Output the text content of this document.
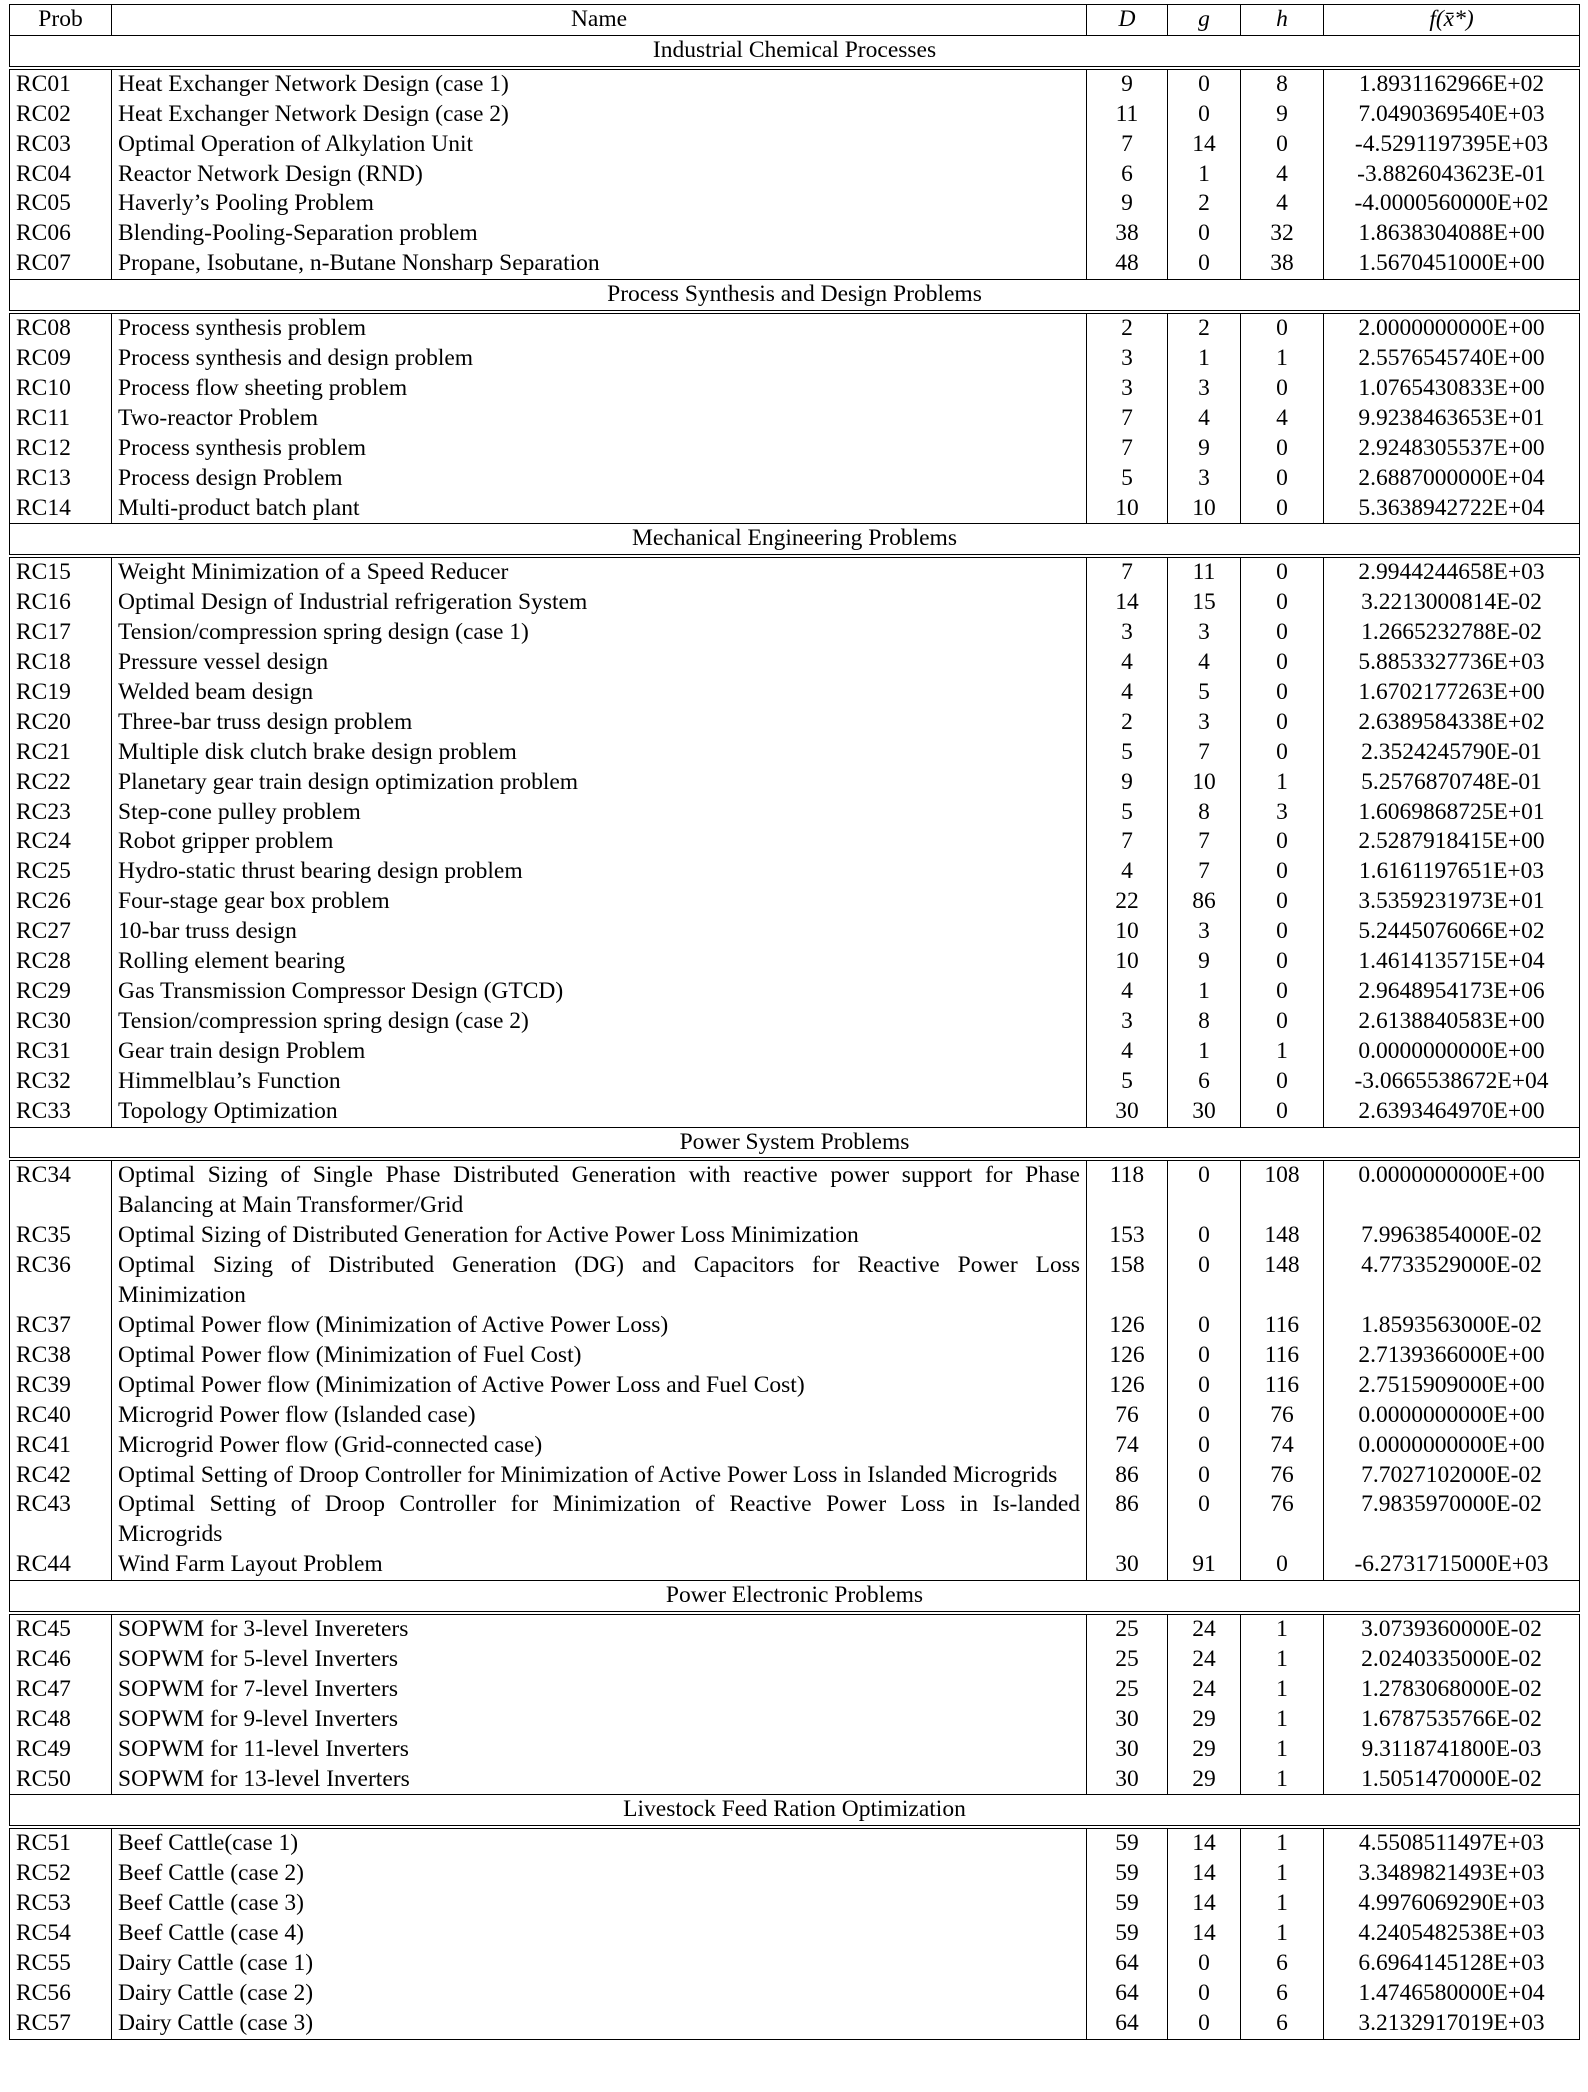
Prob	Name	D	g	h	f(x̄*)
Industrial Chemical Processes					
RC01	Heat Exchanger Network Design (case 1)	9	0	8	1.8931162966E+02
RC02	Heat Exchanger Network Design (case 2)	11	0	9	7.0490369540E+03
RC03	Optimal Operation of Alkylation Unit	7	14	0	-4.5291197395E+03
RC04	Reactor Network Design (RND)	6	1	4	-3.8826043623E-01
RC05	Haverly’s Pooling Problem	9	2	4	-4.0000560000E+02
RC06	Blending-Pooling-Separation problem	38	0	32	1.8638304088E+00
RC07	Propane, Isobutane, n-Butane Nonsharp Separation	48	0	38	1.5670451000E+00
Process Synthesis and Design Problems					
RC08	Process synthesis problem	2	2	0	2.0000000000E+00
RC09	Process synthesis and design problem	3	1	1	2.5576545740E+00
RC10	Process flow sheeting problem	3	3	0	1.0765430833E+00
RC11	Two-reactor Problem	7	4	4	9.9238463653E+01
RC12	Process synthesis problem	7	9	0	2.9248305537E+00
RC13	Process design Problem	5	3	0	2.6887000000E+04
RC14	Multi-product batch plant	10	10	0	5.3638942722E+04
Mechanical Engineering Problems					
RC15	Weight Minimization of a Speed Reducer	7	11	0	2.9944244658E+03
RC16	Optimal Design of Industrial refrigeration System	14	15	0	3.2213000814E-02
RC17	Tension/compression spring design (case 1)	3	3	0	1.2665232788E-02
RC18	Pressure vessel design	4	4	0	5.8853327736E+03
RC19	Welded beam design	4	5	0	1.6702177263E+00
RC20	Three-bar truss design problem	2	3	0	2.6389584338E+02
RC21	Multiple disk clutch brake design problem	5	7	0	2.3524245790E-01
RC22	Planetary gear train design optimization problem	9	10	1	5.2576870748E-01
RC23	Step-cone pulley problem	5	8	3	1.6069868725E+01
RC24	Robot gripper problem	7	7	0	2.5287918415E+00
RC25	Hydro-static thrust bearing design problem	4	7	0	1.6161197651E+03
RC26	Four-stage gear box problem	22	86	0	3.5359231973E+01
RC27	10-bar truss design	10	3	0	5.2445076066E+02
RC28	Rolling element bearing	10	9	0	1.4614135715E+04
RC29	Gas Transmission Compressor Design (GTCD)	4	1	0	2.9648954173E+06
RC30	Tension/compression spring design (case 2)	3	8	0	2.6138840583E+00
RC31	Gear train design Problem	4	1	1	0.0000000000E+00
RC32	Himmelblau’s Function	5	6	0	-3.0665538672E+04
RC33	Topology Optimization	30	30	0	2.6393464970E+00
Power System Problems					
RC34	Optimal Sizing of Single Phase Distributed Generation with reactive power support for Phase Balancing at Main Transformer/Grid	118	0	108	0.0000000000E+00
RC35	Optimal Sizing of Distributed Generation for Active Power Loss Minimization	153	0	148	7.9963854000E-02
RC36	Optimal Sizing of Distributed Generation (DG) and Capacitors for Reactive Power Loss Minimization	158	0	148	4.7733529000E-02
RC37	Optimal Power flow (Minimization of Active Power Loss)	126	0	116	1.8593563000E-02
RC38	Optimal Power flow (Minimization of Fuel Cost)	126	0	116	2.7139366000E+00
RC39	Optimal Power flow (Minimization of Active Power Loss and Fuel Cost)	126	0	116	2.7515909000E+00
RC40	Microgrid Power flow (Islanded case)	76	0	76	0.0000000000E+00
RC41	Microgrid Power flow (Grid-connected case)	74	0	74	0.0000000000E+00
RC42	Optimal Setting of Droop Controller for Minimization of Active Power Loss in Islanded Microgrids	86	0	76	7.7027102000E-02
RC43	Optimal Setting of Droop Controller for Minimization of Reactive Power Loss in Is-landed Microgrids	86	0	76	7.9835970000E-02
RC44	Wind Farm Layout Problem	30	91	0	-6.2731715000E+03
Power Electronic Problems					
RC45	SOPWM for 3-level Invereters	25	24	1	3.0739360000E-02
RC46	SOPWM for 5-level Inverters	25	24	1	2.0240335000E-02
RC47	SOPWM for 7-level Inverters	25	24	1	1.2783068000E-02
RC48	SOPWM for 9-level Inverters	30	29	1	1.6787535766E-02
RC49	SOPWM for 11-level Inverters	30	29	1	9.3118741800E-03
RC50	SOPWM for 13-level Inverters	30	29	1	1.5051470000E-02
Livestock Feed Ration Optimization					
RC51	Beef Cattle(case 1)	59	14	1	4.5508511497E+03
RC52	Beef Cattle (case 2)	59	14	1	3.3489821493E+03
RC53	Beef Cattle (case 3)	59	14	1	4.9976069290E+03
RC54	Beef Cattle (case 4)	59	14	1	4.2405482538E+03
RC55	Dairy Cattle (case 1)	64	0	6	6.6964145128E+03
RC56	Dairy Cattle (case 2)	64	0	6	1.4746580000E+04
RC57	Dairy Cattle (case 3)	64	0	6	3.2132917019E+03
